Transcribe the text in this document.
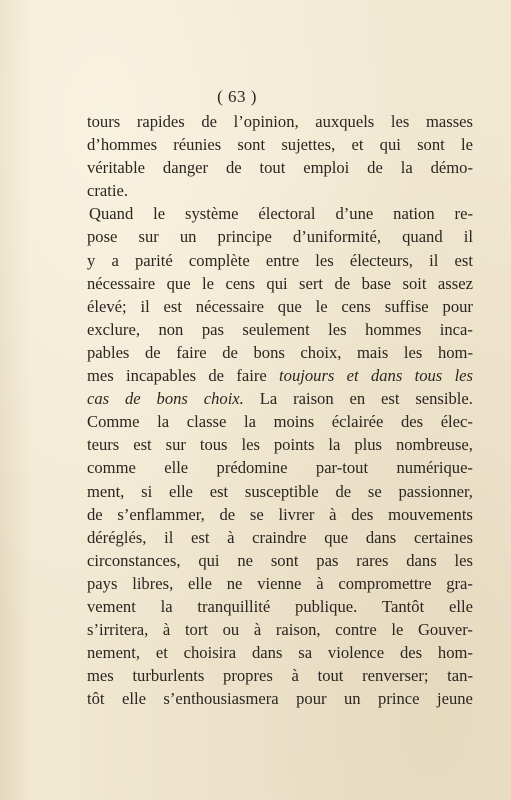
( 63 )
tours rapides de l’opinion, auxquels les masses
d’hommes réunies sont sujettes, et qui sont le
véritable danger de tout emploi de la démo-
cratie.
Quand le système électoral d’une nation re-
pose sur un principe d’uniformité, quand il
y a parité complète entre les électeurs, il est
nécessaire que le cens qui sert de base soit assez
élevé; il est nécessaire que le cens suffise pour
exclure, non pas seulement les hommes inca-
pables de faire de bons choix, mais les hom-
mes incapables de faire toujours et dans tous les
cas de bons choix. La raison en est sensible.
Comme la classe la moins éclairée des élec-
teurs est sur tous les points la plus nombreuse,
comme elle prédomine par-tout numérique-
ment, si elle est susceptible de se passionner,
de s’enflammer, de se livrer à des mouvements
déréglés, il est à craindre que dans certaines
circonstances, qui ne sont pas rares dans les
pays libres, elle ne vienne à compromettre gra-
vement la tranquillité publique. Tantôt elle
s’irritera, à tort ou à raison, contre le Gouver-
nement, et choisira dans sa violence des hom-
mes turburlents propres à tout renverser; tan-
tôt elle s’enthousiasmera pour un prince jeune
